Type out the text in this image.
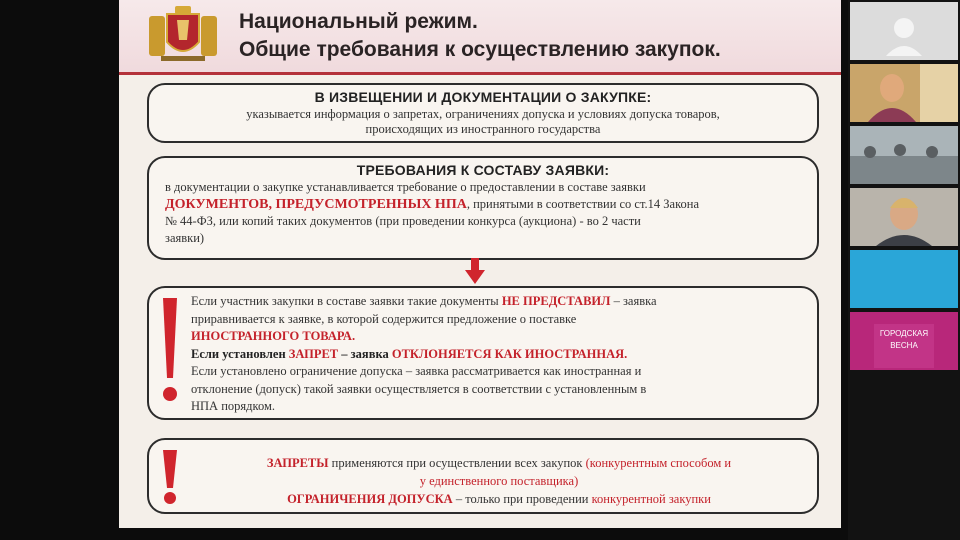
Национальный режим.
Общие требования к осуществлению закупок.
В ИЗВЕЩЕНИИ И ДОКУМЕНТАЦИИ О ЗАКУПКЕ:

указывается информация о запретах, ограничениях допуска и условиях допуска товаров,

происходящих из иностранного государства

ТРЕБОВАНИЯ К СОСТАВУ ЗАЯВКИ:

в документации о закупке устанавливается требование о предоставлении в составе заявки

ДОКУМЕНТОВ, ПРЕДУСМОТРЕННЫХ НПА, принятыми в соответствии со ст.14 Закона

№ 44-ФЗ, или копий таких документов (при проведении конкурса (аукциона) - во 2 части

заявки)

Если участник закупки в составе заявки такие документы НЕ ПРЕДСТАВИЛ – заявка

приравнивается к заявке, в которой содержится предложение о поставке

ИНОСТРАННОГО ТОВАРА.

Если установлен ЗАПРЕТ – заявка ОТКЛОНЯЕТСЯ КАК ИНОСТРАННАЯ.

Если установлено ограничение допуска – заявка рассматривается как иностранная и

отклонение (допуск) такой заявки осуществляется в соответствии с установленным в

НПА порядком.

ЗАПРЕТЫ применяются при осуществлении всех закупок (конкурентным способом и

у единственного поставщика)

ОГРАНИЧЕНИЯ ДОПУСКА – только при проведении конкурентной закупки

ГОРОДСКАЯ
ВЕСНА
